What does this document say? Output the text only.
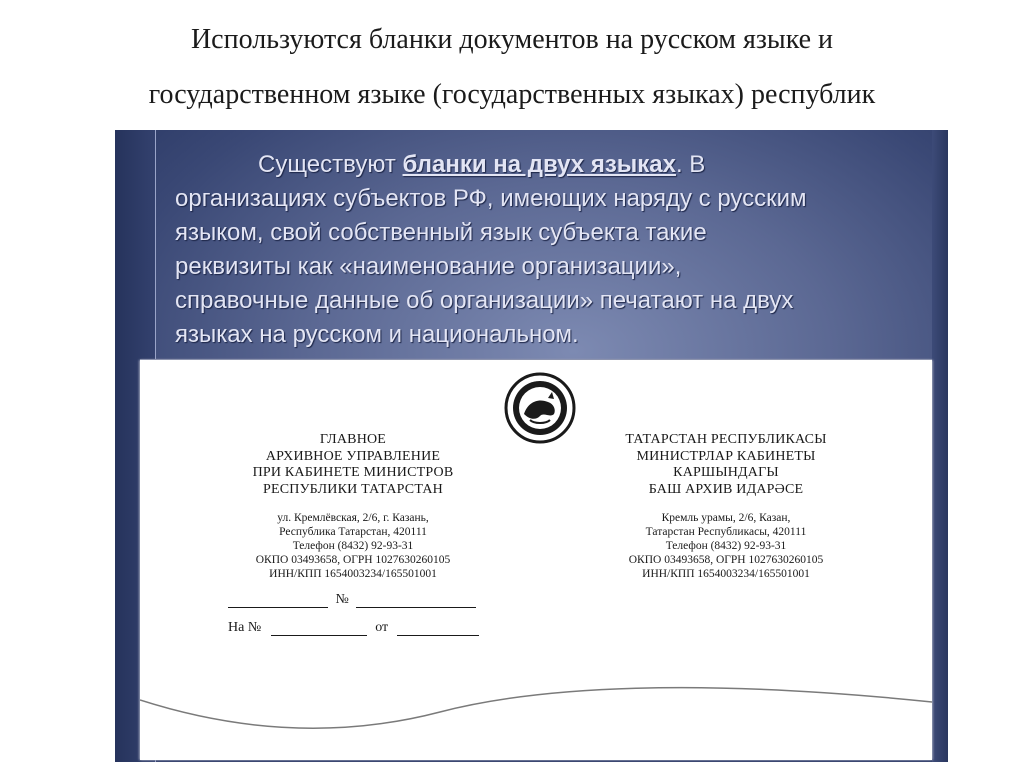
Используются бланки документов на русском языке и
государственном языке (государственных языках) республик
Существуют бланки на двух языках. В
организациях субъектов РФ, имеющих наряду с русским
языком, свой собственный язык субъекта такие
реквизиты как «наименование организации»,
справочные данные об организации» печатают на двух
языках на русском и национальном.
ГЛАВНОЕ
АРХИВНОЕ УПРАВЛЕНИЕ
ПРИ КАБИНЕТЕ МИНИСТРОВ
РЕСПУБЛИКИ ТАТАРСТАН
ул. Кремлёвская, 2/6, г. Казань,
Республика Татарстан, 420111
Телефон (8432) 92-93-31
ОКПО 03493658, ОГРН 1027630260105
ИНН/КПП 1654003234/165501001
ТАТАРСТАН РЕСПУБЛИКАСЫ
МИНИСТРЛАР КАБИНЕТЫ
КАРШЫНДАГЫ
БАШ АРХИВ ИДАРӘСЕ
Кремль урамы, 2/6, Казан,
Татарстан Республикасы, 420111
Телефон (8432) 92-93-31
ОКПО 03493658, ОГРН 1027630260105
ИНН/КПП 1654003234/165501001
№
На №	от
